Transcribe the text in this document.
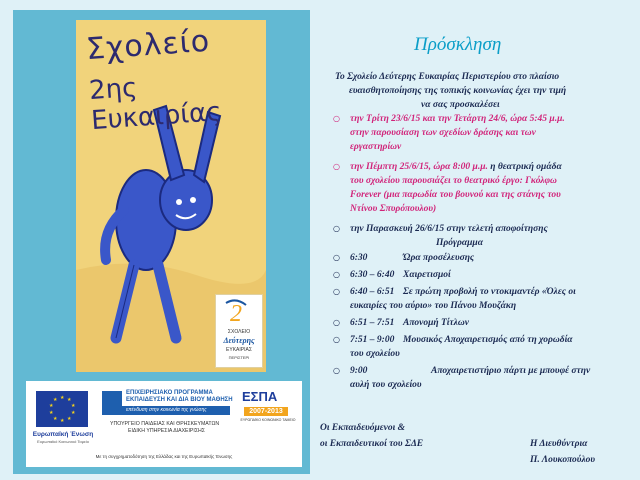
Σχολείο
2ης Ευκαιρίας
2
ΣΧΟΛΕΙΟ
Δεύτερης
ΕΥΚΑΙΡΙΑΣ
ΠΕΡΙΣΤΕΡΙ
★ ★
★
★
★
★
★
★
★
★
Ευρωπαϊκή Ένωση
Ευρωπαϊκό Κοινωνικό Ταμείο
ΕΠΙΧΕΙΡΗΣΙΑΚΟ ΠΡΟΓΡΑΜΜΑ
ΕΚΠΑΙΔΕΥΣΗ ΚΑΙ ΔΙΑ ΒΙΟΥ ΜΑΘΗΣΗ
επένδυση στην κοινωνία της γνώσης
ΥΠΟΥΡΓΕΙΟ ΠΑΙΔΕΙΑΣ ΚΑΙ ΘΡΗΣΚΕΥΜΑΤΩΝ
ΕΙΔΙΚΗ ΥΠΗΡΕΣΙΑ ΔΙΑΧΕΙΡΙΣΗΣ
ΕΣΠΑ
2007-2013
ΕΥΡΩΠΑΪΚΟ ΚΟΙΝΩΝΙΚΟ ΤΑΜΕΙΟ
Με τη συγχρηματοδότηση της Ελλάδας και της Ευρωπαϊκής Ένωσης
Πρόσκληση
Το Σχολείο Δεύτερης Ευκαιρίας Περιστερίου στο πλαίσιο
ευαισθητοποίησης της τοπικής κοινωνίας έχει την τιμή
να σας προσκαλέσει
○ την Τρίτη 23/6/15 και την Τετάρτη 24/6, ώρα 5:45 μ.μ.
στην παρουσίαση των σχεδίων δράσης και των
εργαστηρίων
○ την Πέμπτη 25/6/15, ώρα 8:00 μ.μ. η θεατρική ομάδα
του σχολείου παρουσιάζει το θεατρικό έργο: Γκόλφω
Forever (μια παρωδία του βουνού και της στάνης του
Ντίνου Σπυρόπουλου)
○ την Παρασκευή 26/6/15 στην τελετή αποφοίτησης
Πρόγραμμα
○ 6:30	Ώρα προσέλευσης
○ 6:30 – 6:40 Χαιρετισμοί
○ 6:40 – 6:51 Σε πρώτη προβολή το ντοκιμαντέρ «Όλες οι
ευκαιρίες του αύριο» του Πάνου Μουζάκη
○ 6:51 – 7:51 Απονομή Τίτλων
○ 7:51 – 9:00 Μουσικός Αποχαιρετισμός από τη χορωδία
του σχολείου
○ 9:00	Αποχαιρετιστήριο πάρτι με μπουφέ στην
αυλή του σχολείου
Οι Εκπαιδευόμενοι &
οι Εκπαιδευτικοί του ΣΔΕ	Η Διευθύντρια
Π. Λουκοπούλου
